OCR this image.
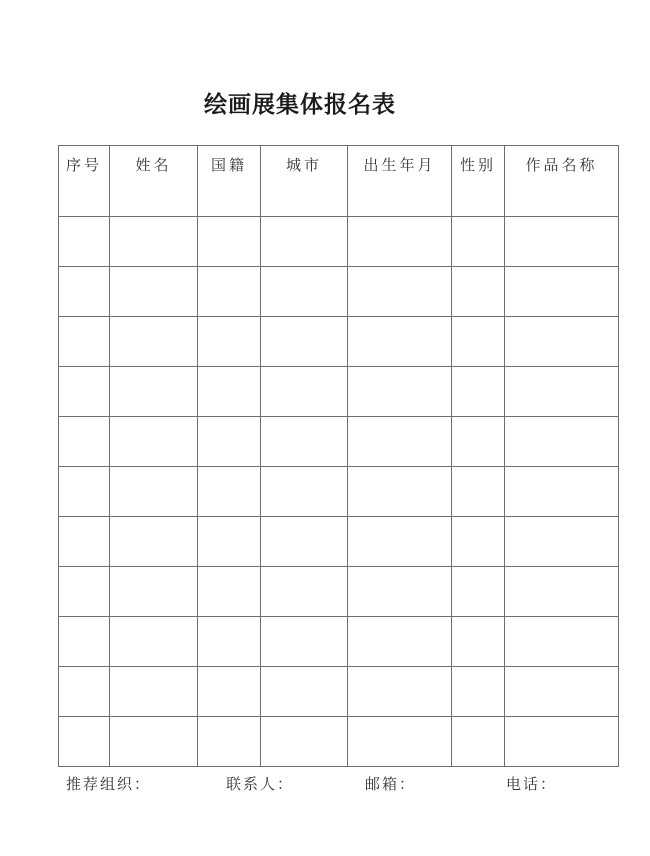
绘画展集体报名表
序号	姓名	国籍	城市	出生年月	性别	作品名称

推荐组织：	联系人：	邮箱：	电话：
